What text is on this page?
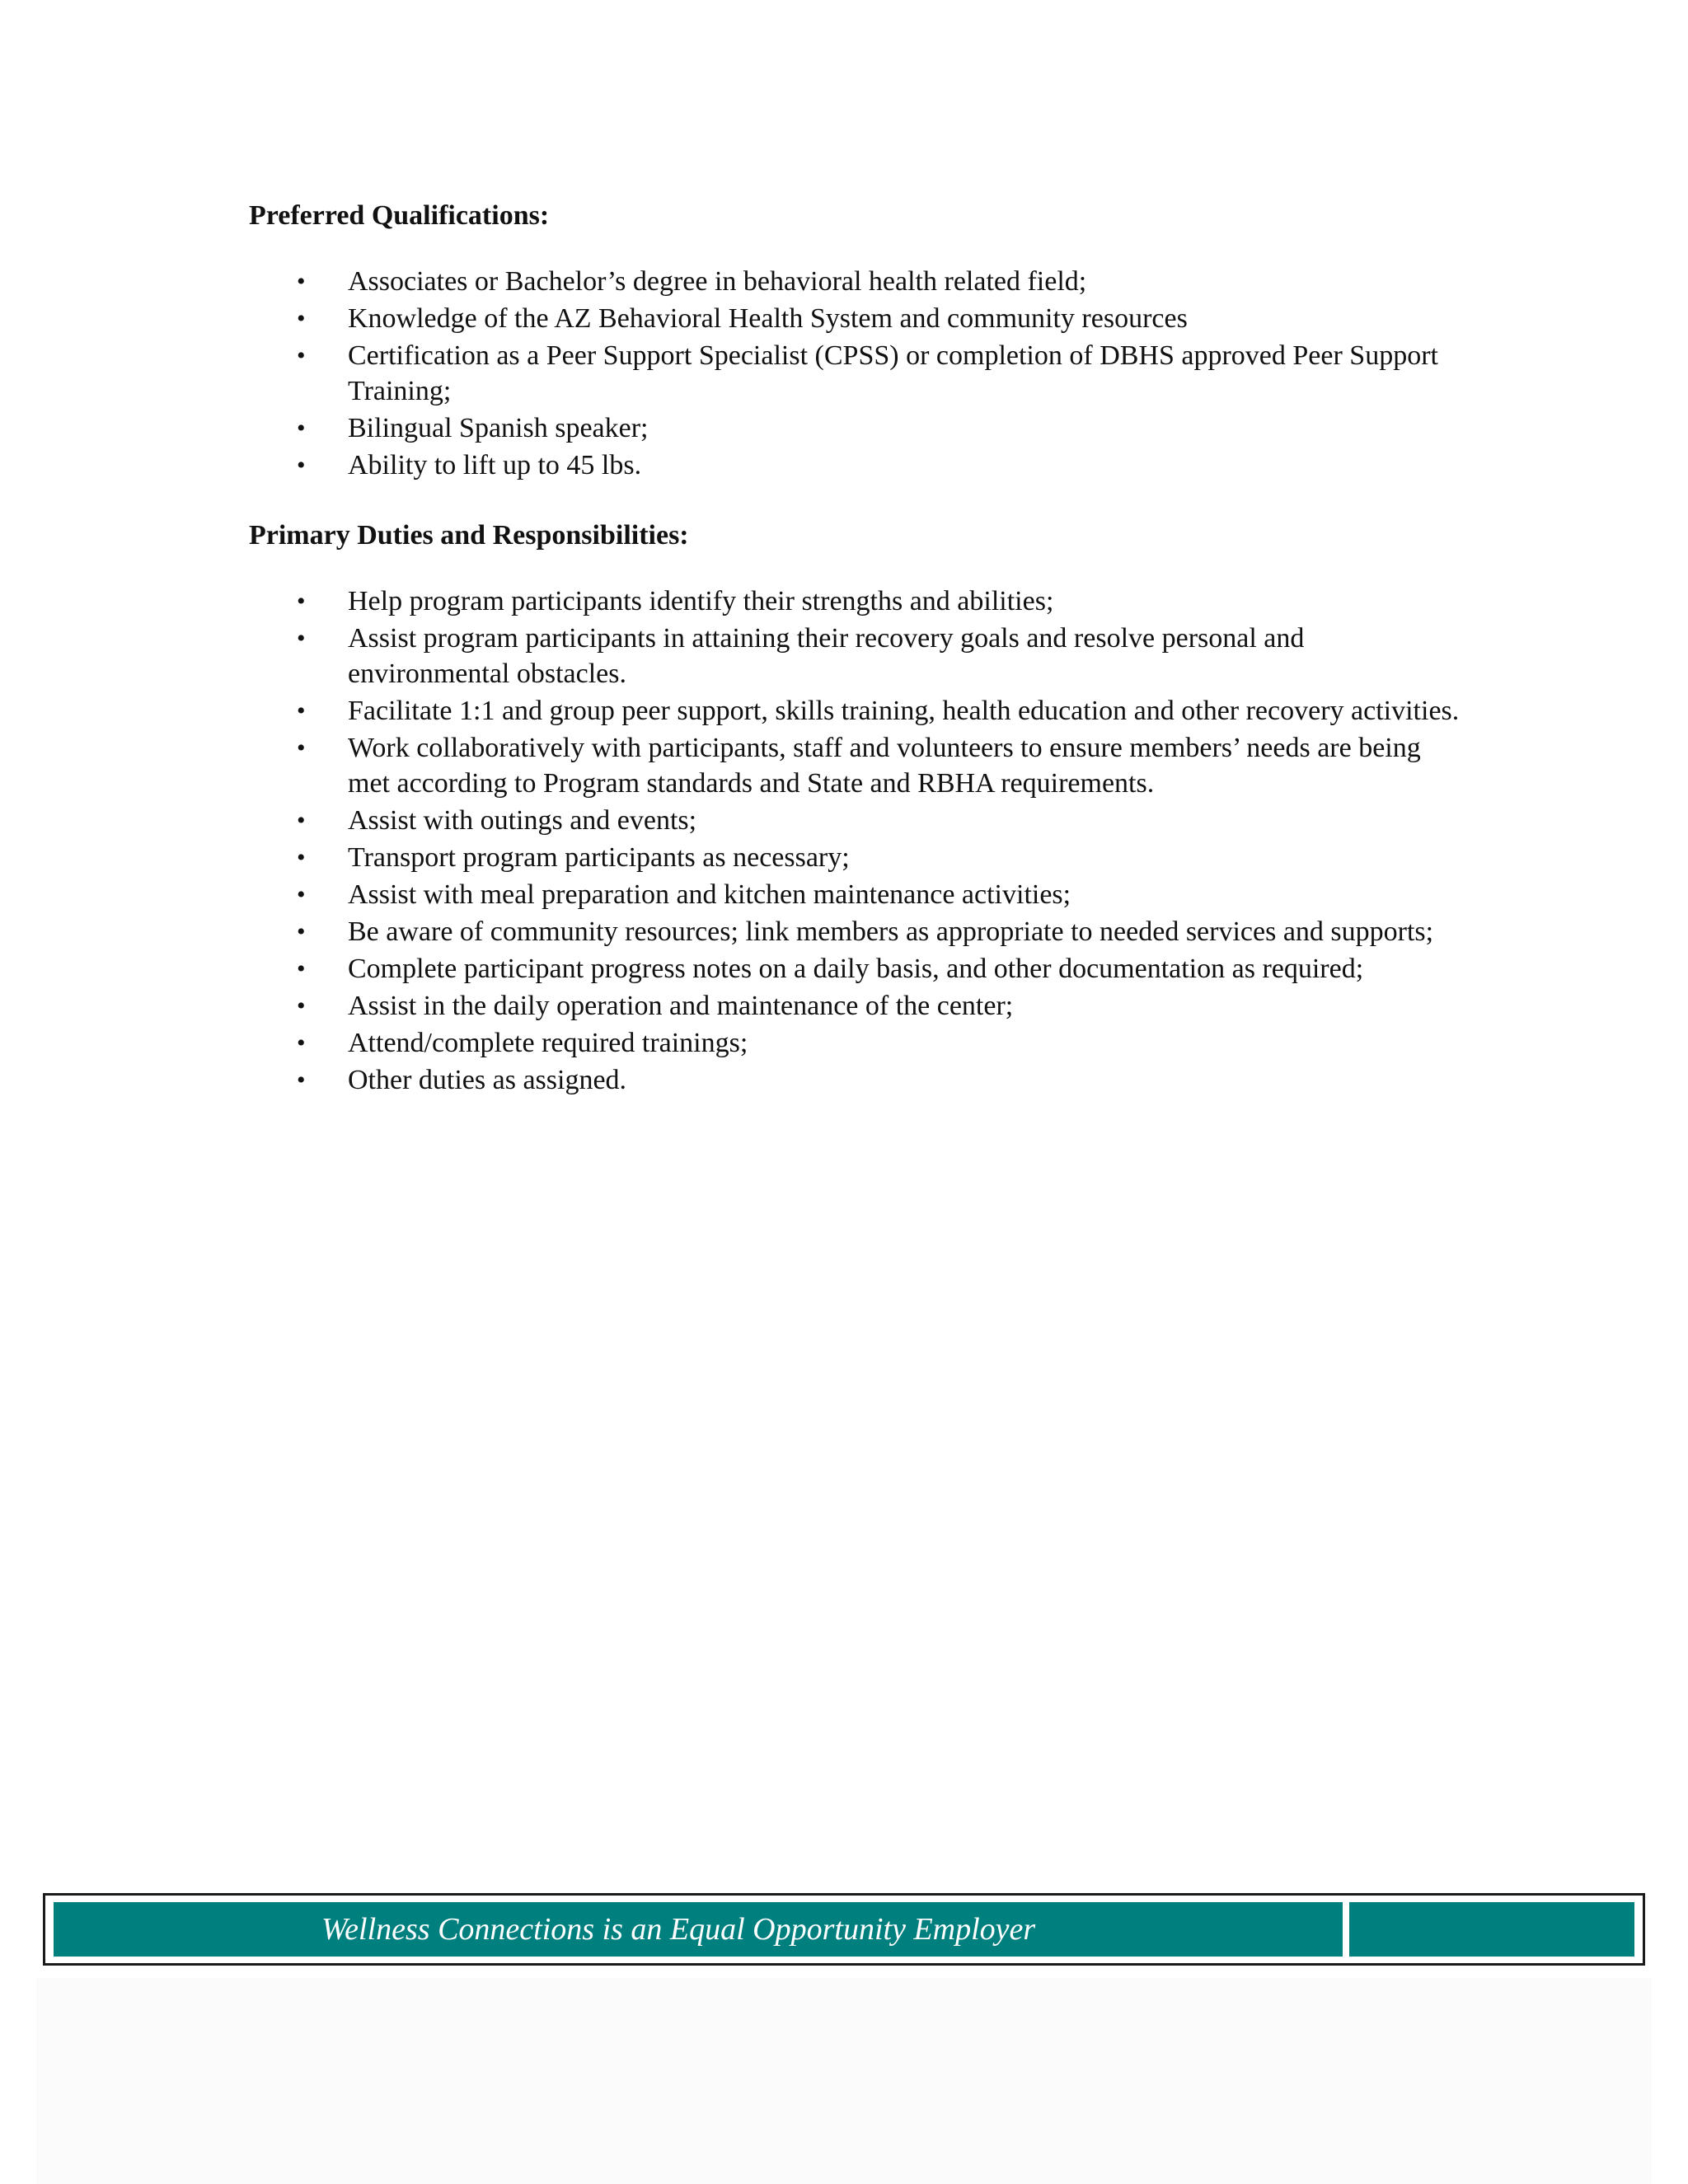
Preferred Qualifications:
• Associates or Bachelor’s degree in behavioral health related field;
• Knowledge of the AZ Behavioral Health System and community resources
• Certification as a Peer Support Specialist (CPSS) or completion of DBHS approved Peer Support Training;
• Bilingual Spanish speaker;
• Ability to lift up to 45 lbs.
Primary Duties and Responsibilities:
• Help program participants identify their strengths and abilities;
• Assist program participants in attaining their recovery goals and resolve personal and environmental obstacles.
• Facilitate 1:1 and group peer support, skills training, health education and other recovery activities.
• Work collaboratively with participants, staff and volunteers to ensure members’ needs are being met according to Program standards and State and RBHA requirements.
• Assist with outings and events;
• Transport program participants as necessary;
• Assist with meal preparation and kitchen maintenance activities;
• Be aware of community resources; link members as appropriate to needed services and supports;
• Complete participant progress notes on a daily basis, and other documentation as required;
• Assist in the daily operation and maintenance of the center;
• Attend/complete required trainings;
• Other duties as assigned.
Wellness Connections is an Equal Opportunity Employer
